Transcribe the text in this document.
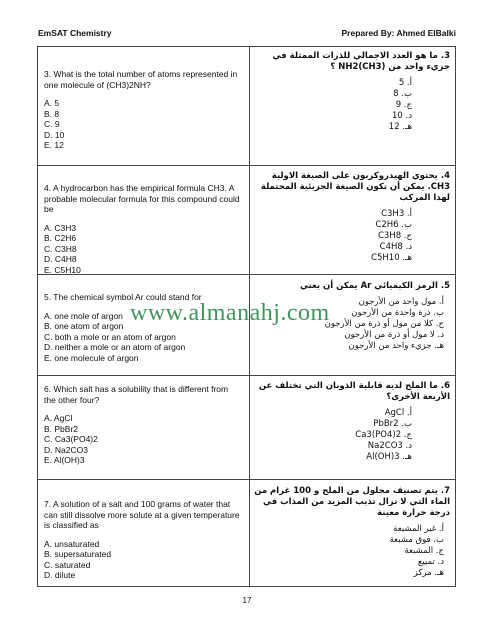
EmSAT Chemistry	Prepared By: Ahmed ElBalki
3. What is the total number of atoms represented in one molecule of (CH3)2NH?
A. 5
B. 8
C. 9
D. 10
E. 12
3. ما هو العدد الاجمالي للذرات الممثلة في جزيء واحد من NH2(CH3) ؟
أ. 5
ب. 8
ج. 9
د. 10
هـ. 12
4. A hydrocarbon has the empirical formula CH3. A probable molecular formula for this compound could be
A. C3H3
B. C2H6
C. C3H8
D. C4H8
E. C5H10
4. يحتوي الهيدروكربون على الصيغة الاولية CH3. يمكن أن تكون الصيغة الجزيئية المحتملة لهذا المركب
أ. C3H3
ب. C2H6
ج. C3H8
د. C4H8
هـ. C5H10
5. The chemical symbol Ar could stand for
A. one mole of argon
B. one atom of argon
C. both a mole or an atom of argon
D. neither a mole or an atom of argon
E. one molecule of argon
5. الرمز الكيميائي Ar يمكن أن يعني
أ. مول واحد من الأرجون
ب. ذرة واحدة من الأرجون
ج. كلا من مول أو ذرة من الأرجون
د. لا مول أو ذرة من الأرجون
هـ. جزيء واحد من الأرجون
6. Which salt has a solubility that is different from the other four?
A. AgCl
B. PbBr2
C. Ca3(PO4)2
D. Na2CO3
E. Al(OH)3
6. ما الملح لديه قابلية الذوبان التي تختلف عن الأربعة الأخرى؟
أ. AgCl
ب. PbBr2
ج. Ca3(PO4)2
د. Na2CO3
هـ. Al(OH)3
7. A solution of a salt and 100 grams of water that can still dissolve more solute at a given temperature is classified as
A. unsaturated
B. supersaturated
C. saturated
D. dilute
7. يتم تصنيف محلول من الملح و 100 غرام من الماء التي لا تزال تذيب المزيد من المذاب في درجة حرارة معينة
أ. غير المشبعة
ب. فوق مشبعة
ج. المشبعة
د. تمييع
هـ. مركز
www.almanahj.com
17
